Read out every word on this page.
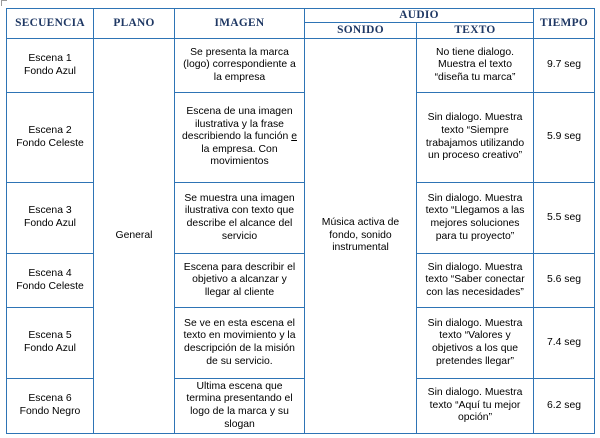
SECUENCIA	PLANO	IMAGEN	AUDIO		TIEMPO
			SONIDO	TEXTO	

Escena 1
Fondo Azul	General	Se presenta la marca (logo) correspondiente a la empresa	Música activa de fondo, sonido instrumental	No tiene dialogo. Muestra el texto “diseña tu marca”	9.7 seg

Escena 2
Fondo Celeste		Escena de una imagen ilustrativa y la frase describiendo la función e la empresa. Con movimientos		Sin dialogo. Muestra texto “Siempre trabajamos utilizando un proceso creativo”	5.9 seg

Escena 3
Fondo Azul		Se muestra una imagen ilustrativa con texto que describe el alcance del servicio		Sin dialogo. Muestra texto “Llegamos a las mejores soluciones para tu proyecto”	5.5 seg

Escena 4
Fondo Celeste		Escena para describir el objetivo a alcanzar y llegar al cliente		Sin dialogo. Muestra texto “Saber conectar con las necesidades”	5.6 seg

Escena 5
Fondo Azul		Se ve en esta escena el texto en movimiento y la descripción de la misión de su servicio.		Sin dialogo. Muestra texto “Valores y objetivos a los que pretendes llegar”	7.4 seg

Escena 6
Fondo Negro		Ultima escena que termina presentando el logo de la marca y su slogan		Sin dialogo. Muestra texto “Aquí tu mejor opción”	6.2 seg
